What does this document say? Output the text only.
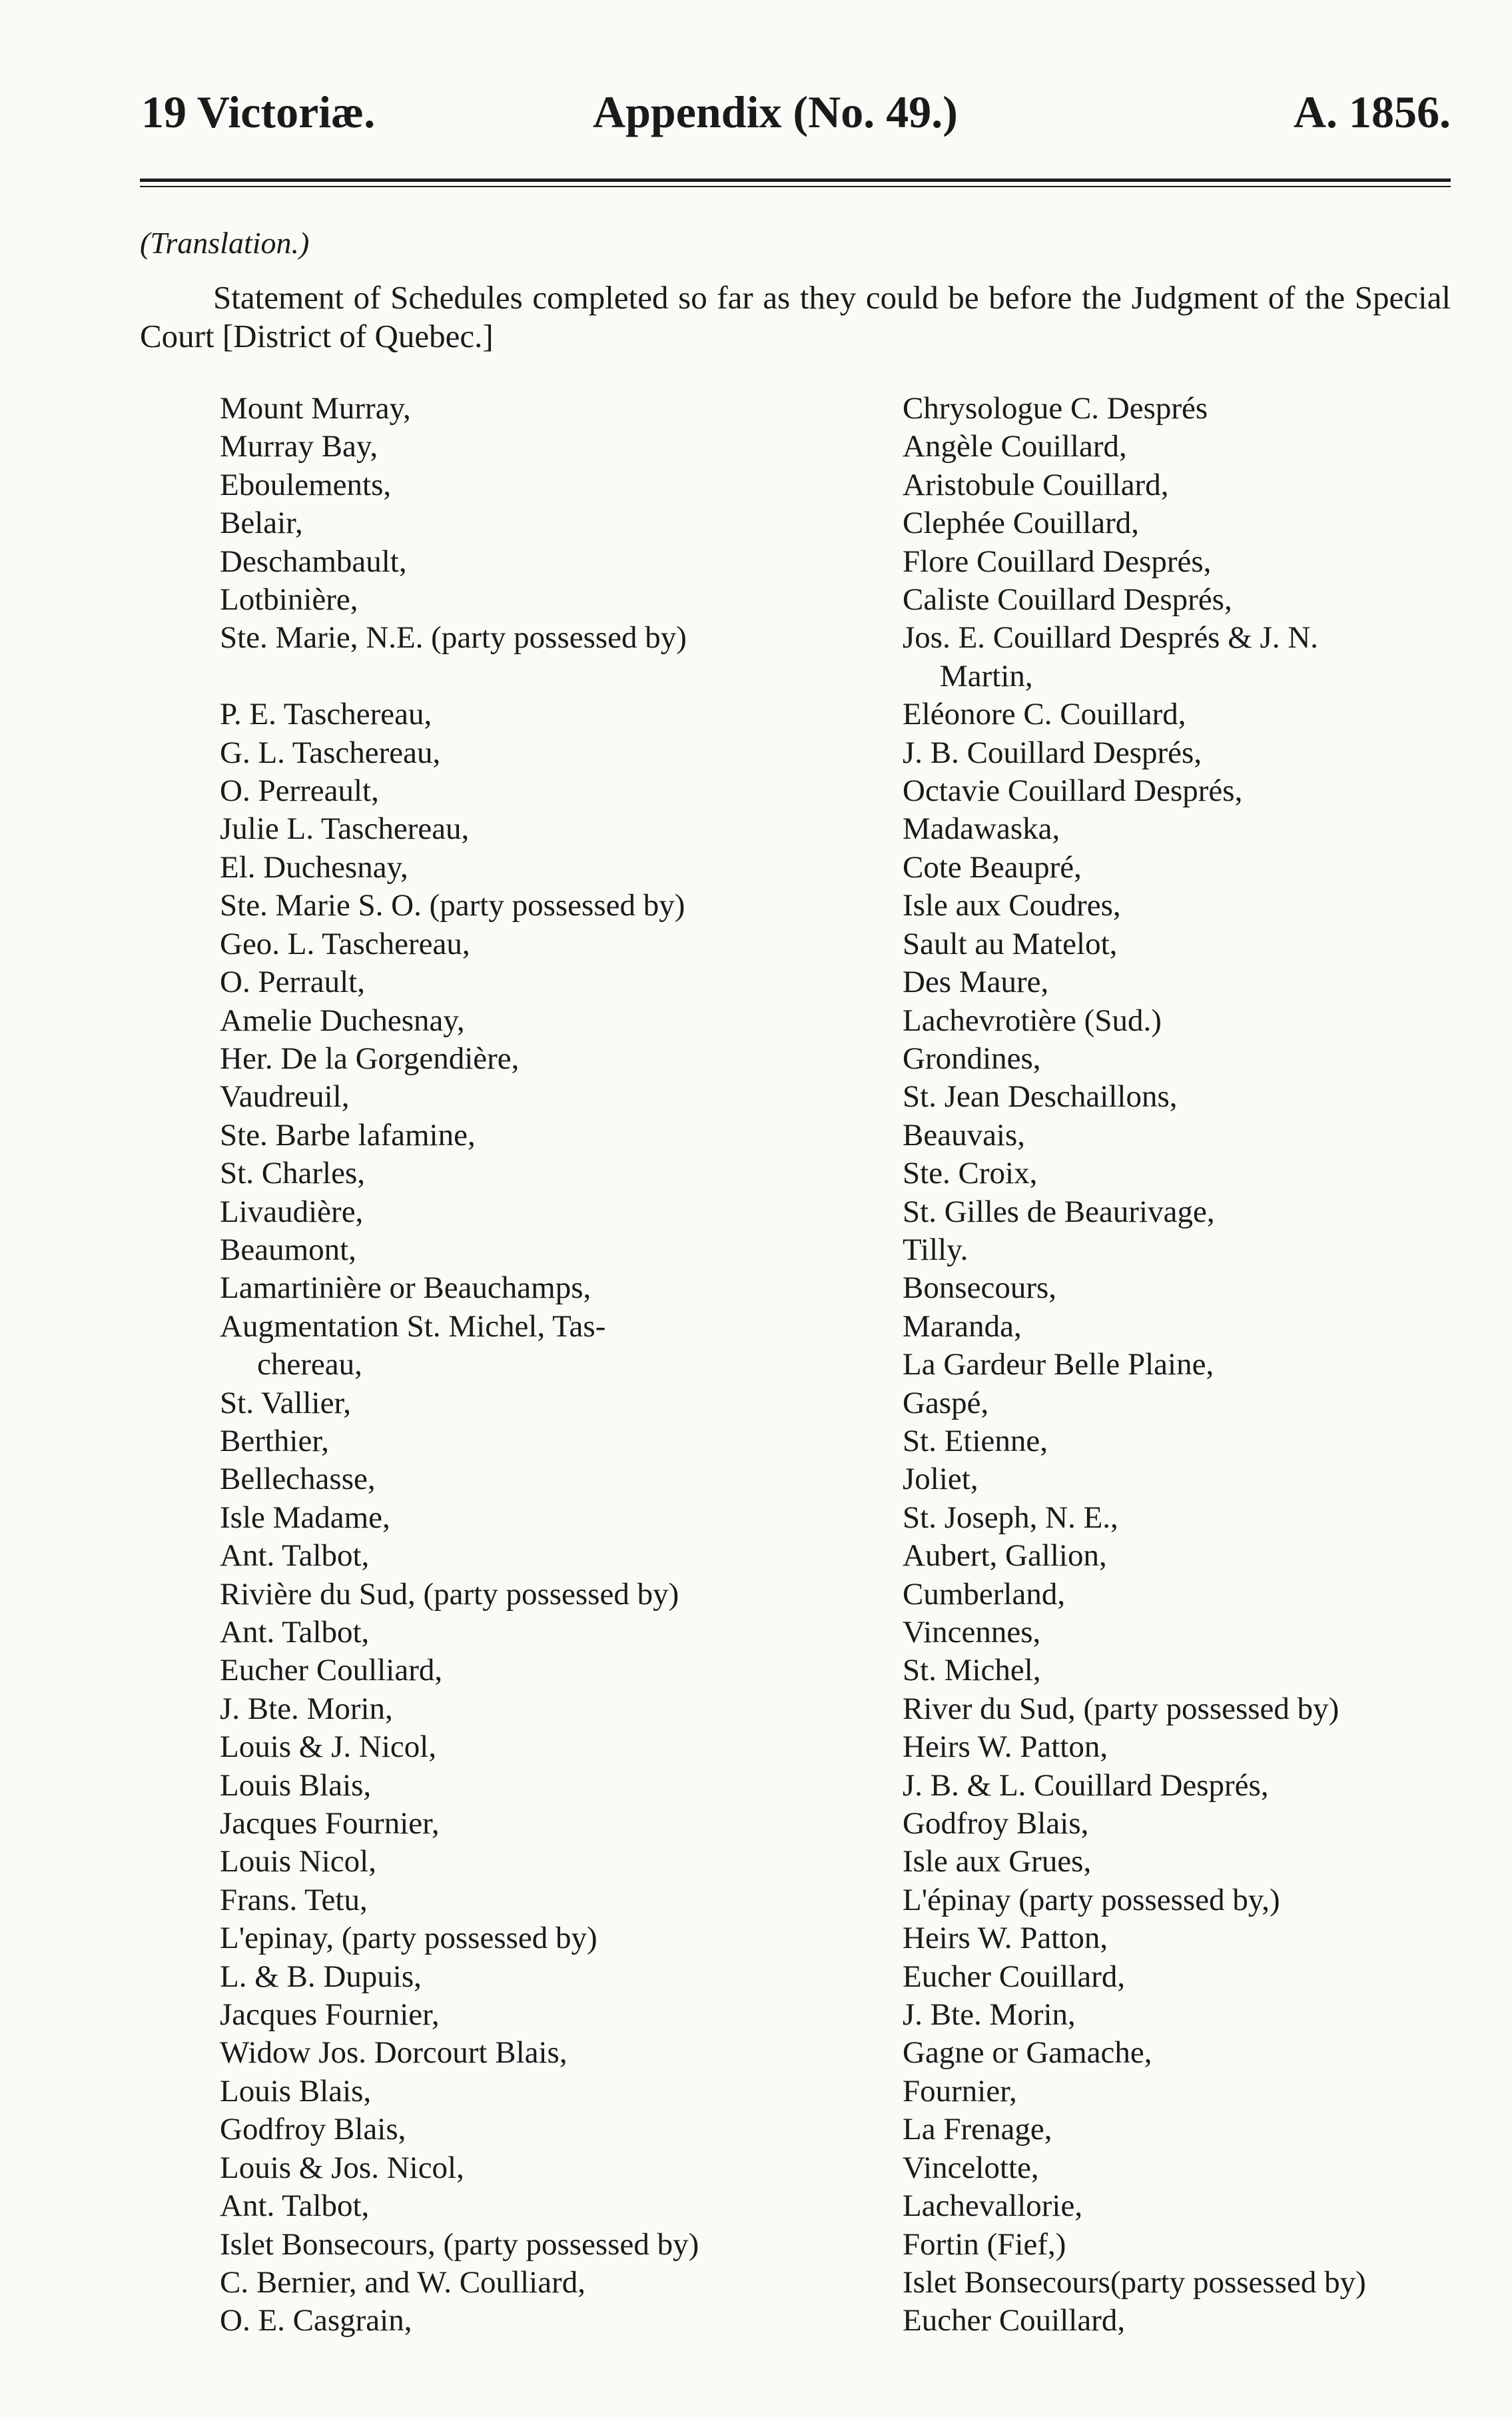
19 Victoriæ.	Appendix (No. 49.)	A. 1856.
(Translation.)
Statement of Schedules completed so far as they could be before the Judgment of the Special Court [District of Quebec.]
Mount Murray,
Murray Bay,
Eboulements,
Belair,
Deschambault,
Lotbinière,
Ste. Marie, N.E. (party possessed by)

P. E. Taschereau,
G. L. Taschereau,
O. Perreault,
Julie L. Taschereau,
El. Duchesnay,
Ste. Marie S. O. (party possessed by)
Geo. L. Taschereau,
O. Perrault,
Amelie Duchesnay,
Her. De la Gorgendière,
Vaudreuil,
Ste. Barbe lafamine,
St. Charles,
Livaudière,
Beaumont,
Lamartinière or Beauchamps,
Augmentation St. Michel, Tas-
chereau,
St. Vallier,
Berthier,
Bellechasse,
Isle Madame,
Ant. Talbot,
Rivière du Sud, (party possessed by)
Ant. Talbot,
Eucher Coulliard,
J. Bte. Morin,
Louis & J. Nicol,
Louis Blais,
Jacques Fournier,
Louis Nicol,
Frans. Tetu,
L'epinay, (party possessed by)
L. & B. Dupuis,
Jacques Fournier,
Widow Jos. Dorcourt Blais,
Louis Blais,
Godfroy Blais,
Louis & Jos. Nicol,
Ant. Talbot,
Islet Bonsecours, (party possessed by)
C. Bernier, and W. Coulliard,
O. E. Casgrain,
Chrysologue C. Després
Angèle Couillard,
Aristobule Couillard,
Clephée Couillard,
Flore Couillard Després,
Caliste Couillard Després,
Jos. E. Couillard Després & J. N.
Martin,
Eléonore C. Couillard,
J. B. Couillard Després,
Octavie Couillard Després,
Madawaska,
Cote Beaupré,
Isle aux Coudres,
Sault au Matelot,
Des Maure,
Lachevrotière (Sud.)
Grondines,
St. Jean Deschaillons,
Beauvais,
Ste. Croix,
St. Gilles de Beaurivage,
Tilly.
Bonsecours,
Maranda,
La Gardeur Belle Plaine,
Gaspé,
St. Etienne,
Joliet,
St. Joseph, N. E.,
Aubert, Gallion,
Cumberland,
Vincennes,
St. Michel,
River du Sud, (party possessed by)
Heirs W. Patton,
J. B. & L. Couillard Després,
Godfroy Blais,
Isle aux Grues,
L'épinay (party possessed by,)
Heirs W. Patton,
Eucher Couillard,
J. Bte. Morin,
Gagne or Gamache,
Fournier,
La Frenage,
Vincelotte,
Lachevallorie,
Fortin (Fief,)
Islet Bonsecours(party possessed by)
Eucher Couillard,
